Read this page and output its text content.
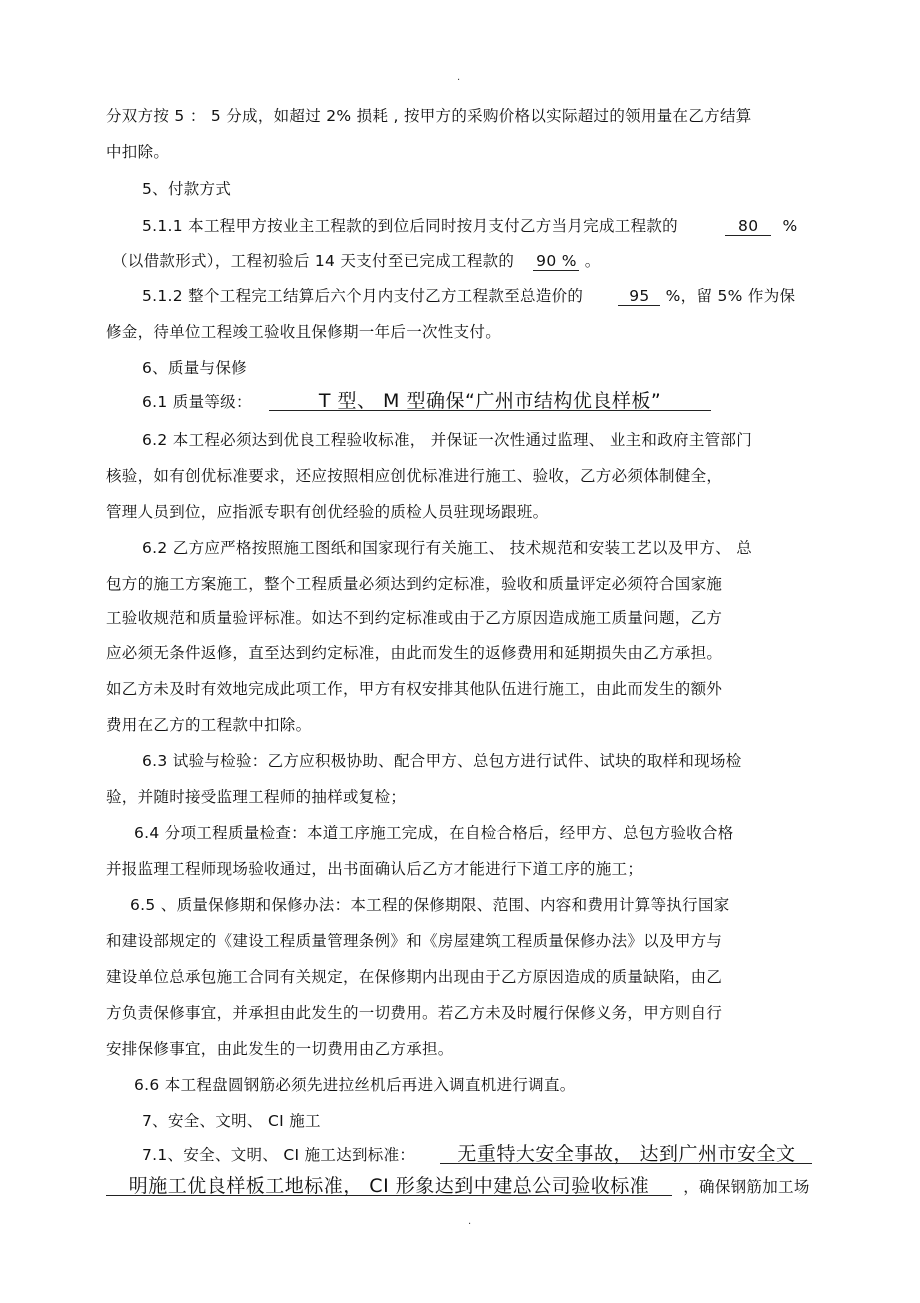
.
分双方按 5 ： 5 分成，如超过 2% 损耗 , 按甲方的采购价格以实际超过的领用量在乙方结算
中扣除。
5、付款方式
5.1.1 本工程甲方按业主工程款的到位后同时按月支付乙方当月完成工程款的	80 %
（以借款形式），工程初验后 14 天支付至已完成工程款的 90 % 。
5.1.2 整个工程完工结算后六个月内支付乙方工程款至总造价的	95 %，留 5% 作为保
修金，待单位工程竣工验收且保修期一年后一次性支付。
6、质量与保修
6.1 质量等级：	T 型、 M 型确保“广州市结构优良样板”
6.2 本工程必须达到优良工程验收标准， 并保证一次性通过监理、 业主和政府主管部门
核验，如有创优标准要求，还应按照相应创优标准进行施工、验收，乙方必须体制健全，
管理人员到位，应指派专职有创优经验的质检人员驻现场跟班。
6.2 乙方应严格按照施工图纸和国家现行有关施工、 技术规范和安装工艺以及甲方、 总
包方的施工方案施工，整个工程质量必须达到约定标准，验收和质量评定必须符合国家施
工验收规范和质量验评标准。如达不到约定标准或由于乙方原因造成施工质量问题，乙方
应必须无条件返修，直至达到约定标准，由此而发生的返修费用和延期损失由乙方承担。
如乙方未及时有效地完成此项工作，甲方有权安排其他队伍进行施工，由此而发生的额外
费用在乙方的工程款中扣除。
6.3 试验与检验：乙方应积极协助、配合甲方、总包方进行试件、试块的取样和现场检
验，并随时接受监理工程师的抽样或复检；
6.4 分项工程质量检查：本道工序施工完成，在自检合格后，经甲方、总包方验收合格
并报监理工程师现场验收通过，出书面确认后乙方才能进行下道工序的施工；
6.5 、质量保修期和保修办法：本工程的保修期限、范围、内容和费用计算等执行国家
和建设部规定的《建设工程质量管理条例》和《房屋建筑工程质量保修办法》以及甲方与
建设单位总承包施工合同有关规定，在保修期内出现由于乙方原因造成的质量缺陷，由乙
方负责保修事宜，并承担由此发生的一切费用。若乙方未及时履行保修义务，甲方则自行
安排保修事宜，由此发生的一切费用由乙方承担。
6.6 本工程盘圆钢筋必须先进拉丝机后再进入调直机进行调直。
7、安全、文明、 CI 施工
7.1、安全、文明、 CI 施工达到标准： 无重特大安全事故， 达到广州市安全文
明施工优良样板工地标准， CI 形象达到中建总公司验收标准 ，确保钢筋加工场
.
